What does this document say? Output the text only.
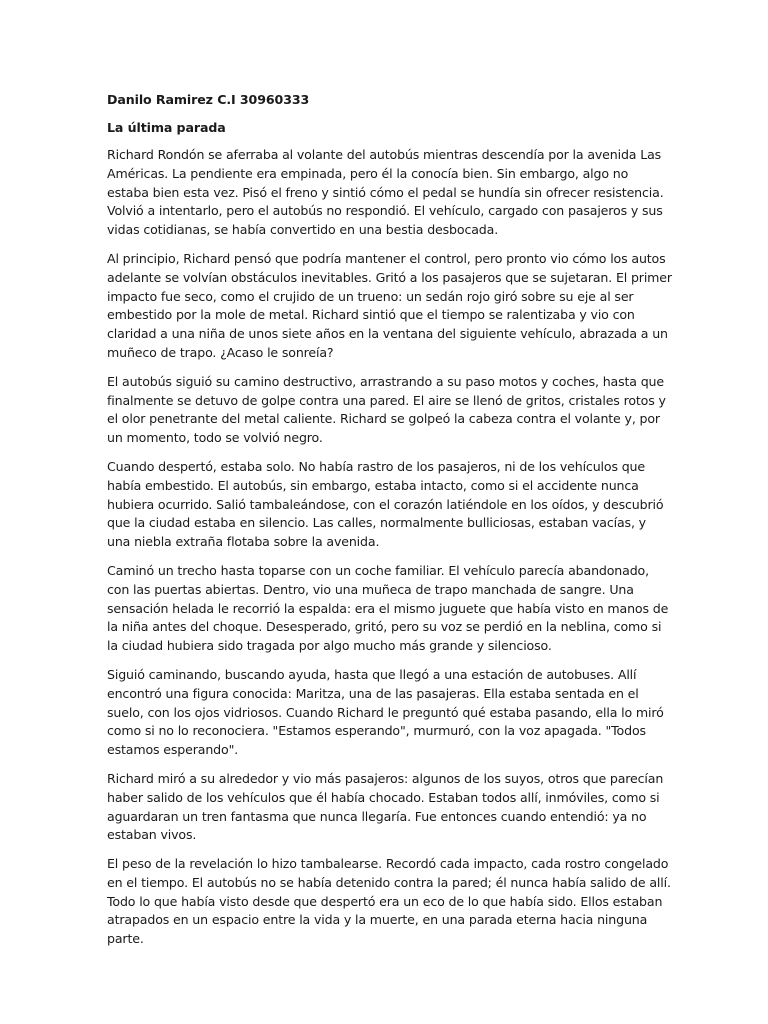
Danilo Ramirez C.I 30960333

La última parada

Richard Rondón se aferraba al volante del autobús mientras descendía por la avenida Las Américas. La pendiente era empinada, pero él la conocía bien. Sin embargo, algo no estaba bien esta vez. Pisó el freno y sintió cómo el pedal se hundía sin ofrecer resistencia. Volvió a intentarlo, pero el autobús no respondió. El vehículo, cargado con pasajeros y sus vidas cotidianas, se había convertido en una bestia desbocada.

Al principio, Richard pensó que podría mantener el control, pero pronto vio cómo los autos adelante se volvían obstáculos inevitables. Gritó a los pasajeros que se sujetaran. El primer impacto fue seco, como el crujido de un trueno: un sedán rojo giró sobre su eje al ser embestido por la mole de metal. Richard sintió que el tiempo se ralentizaba y vio con claridad a una niña de unos siete años en la ventana del siguiente vehículo, abrazada a un muñeco de trapo. ¿Acaso le sonreía?

El autobús siguió su camino destructivo, arrastrando a su paso motos y coches, hasta que finalmente se detuvo de golpe contra una pared. El aire se llenó de gritos, cristales rotos y el olor penetrante del metal caliente. Richard se golpeó la cabeza contra el volante y, por un momento, todo se volvió negro.

Cuando despertó, estaba solo. No había rastro de los pasajeros, ni de los vehículos que había embestido. El autobús, sin embargo, estaba intacto, como si el accidente nunca hubiera ocurrido. Salió tambaleándose, con el corazón latiéndole en los oídos, y descubrió que la ciudad estaba en silencio. Las calles, normalmente bulliciosas, estaban vacías, y una niebla extraña flotaba sobre la avenida.

Caminó un trecho hasta toparse con un coche familiar. El vehículo parecía abandonado, con las puertas abiertas. Dentro, vio una muñeca de trapo manchada de sangre. Una sensación helada le recorrió la espalda: era el mismo juguete que había visto en manos de la niña antes del choque. Desesperado, gritó, pero su voz se perdió en la neblina, como si la ciudad hubiera sido tragada por algo mucho más grande y silencioso.

Siguió caminando, buscando ayuda, hasta que llegó a una estación de autobuses. Allí encontró una figura conocida: Maritza, una de las pasajeras. Ella estaba sentada en el suelo, con los ojos vidriosos. Cuando Richard le preguntó qué estaba pasando, ella lo miró como si no lo reconociera. "Estamos esperando", murmuró, con la voz apagada. "Todos estamos esperando".

Richard miró a su alrededor y vio más pasajeros: algunos de los suyos, otros que parecían haber salido de los vehículos que él había chocado. Estaban todos allí, inmóviles, como si aguardaran un tren fantasma que nunca llegaría. Fue entonces cuando entendió: ya no estaban vivos.

El peso de la revelación lo hizo tambalearse. Recordó cada impacto, cada rostro congelado en el tiempo. El autobús no se había detenido contra la pared; él nunca había salido de allí. Todo lo que había visto desde que despertó era un eco de lo que había sido. Ellos estaban atrapados en un espacio entre la vida y la muerte, en una parada eterna hacia ninguna parte.
